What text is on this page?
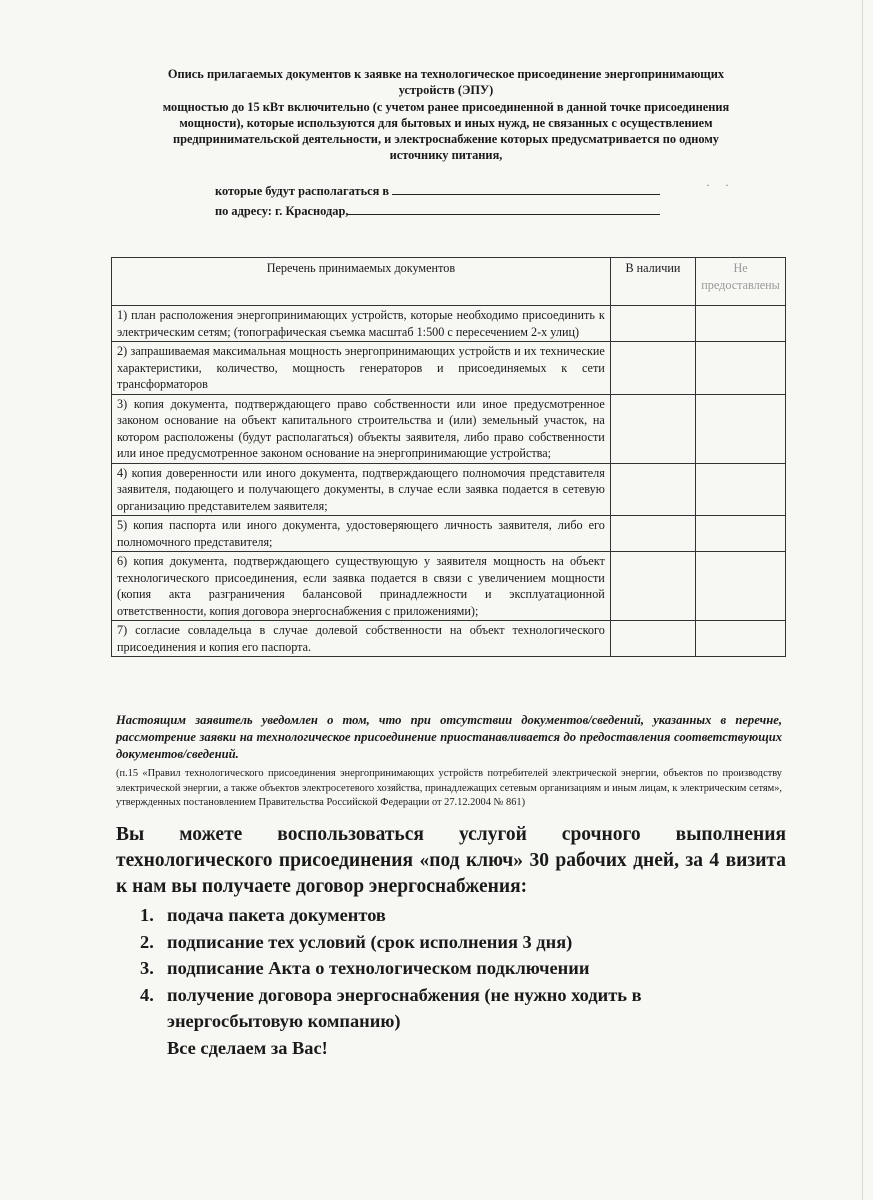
Опись прилагаемых документов к заявке на технологическое присоединение энергопринимающих
устройств (ЭПУ)
мощностью до 15 кВт включительно (с учетом ранее присоединенной в данной точке присоединения
мощности), которые используются для бытовых и иных нужд, не связанных с осуществлением
предпринимательской деятельности, и электроснабжение которых предусматривается по одному
источнику питания,
которые будут располагаться в	· ·
по адресу: г. Краснодар,
Перечень принимаемых документов	В наличии	Не предоставлены
1) план расположения энергопринимающих устройств, которые необходимо присоединить к электрическим сетям; (топографическая съемка масштаб 1:500 с пересечением 2-х улиц)		
2) запрашиваемая максимальная мощность энергопринимающих устройств и их технические характеристики, количество, мощность генераторов и присоединяемых к сети трансформаторов		
3) копия документа, подтверждающего право собственности или иное предусмотренное законом основание на объект капитального строительства и (или) земельный участок, на котором расположены (будут располагаться) объекты заявителя, либо право собственности или иное предусмотренное законом основание на энергопринимающие устройства;		
4) копия доверенности или иного документа, подтверждающего полномочия представителя заявителя, подающего и получающего документы, в случае если заявка подается в сетевую организацию представителем заявителя;		
5) копия паспорта или иного документа, удостоверяющего личность заявителя, либо его полномочного представителя;		
6) копия документа, подтверждающего существующую у заявителя мощность на объект технологического присоединения, если заявка подается в связи с увеличением мощности (копия акта разграничения балансовой принадлежности и эксплуатационной ответственности, копия договора энергоснабжения с приложениями);		
7) согласие совладельца в случае долевой собственности на объект технологического присоединения и копия его паспорта.		
Настоящим заявитель уведомлен о том, что при отсутствии документов/сведений, указанных в перечне, рассмотрение заявки на технологическое присоединение приостанавливается до предоставления соответствующих документов/сведений.
(п.15 «Правил технологического присоединения энергопринимающих устройств потребителей электрической энергии, объектов по производству электрической энергии, а также объектов электросетевого хозяйства, принадлежащих сетевым организациям и иным лицам, к электрическим сетям», утвержденных постановлением Правительства Российской Федерации от 27.12.2004 № 861)
Вы можете воспользоваться услугой срочного выполнения технологического присоединения «под ключ» 30 рабочих дней, за 4 визита к нам вы получаете договор энергоснабжения:
1. подача пакета документов
2. подписание тех условий (срок исполнения 3 дня)
3. подписание Акта о технологическом подключении
4. получение договора энергоснабжения (не нужно ходить в энергосбытовую компанию)
Все сделаем за Вас!
